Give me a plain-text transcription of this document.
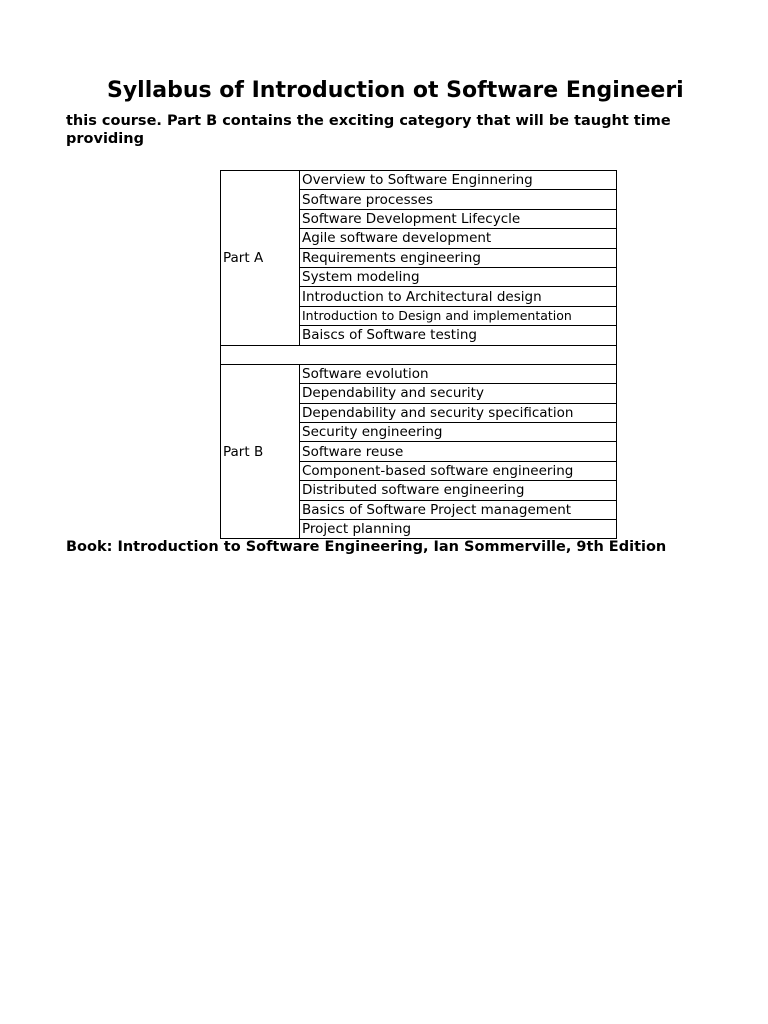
Syllabus of Introduction ot Software Engineeri
this course. Part B contains the exciting category that will be taught time
providing
Part A	Overview to Software Enginnering
	Software processes
	Software Development Lifecycle
	Agile software development
	Requirements engineering
	System modeling
	Introduction to Architectural design
	Introduction to Design and implementation
	Baiscs of Software testing

Part B	Software evolution
	Dependability and security
	Dependability and security specification
	Security engineering
	Software reuse
	Component-based software engineering
	Distributed software engineering
	Basics of Software Project management
	Project planning
Book: Introduction to Software Engineering, Ian Sommerville, 9th Edition
